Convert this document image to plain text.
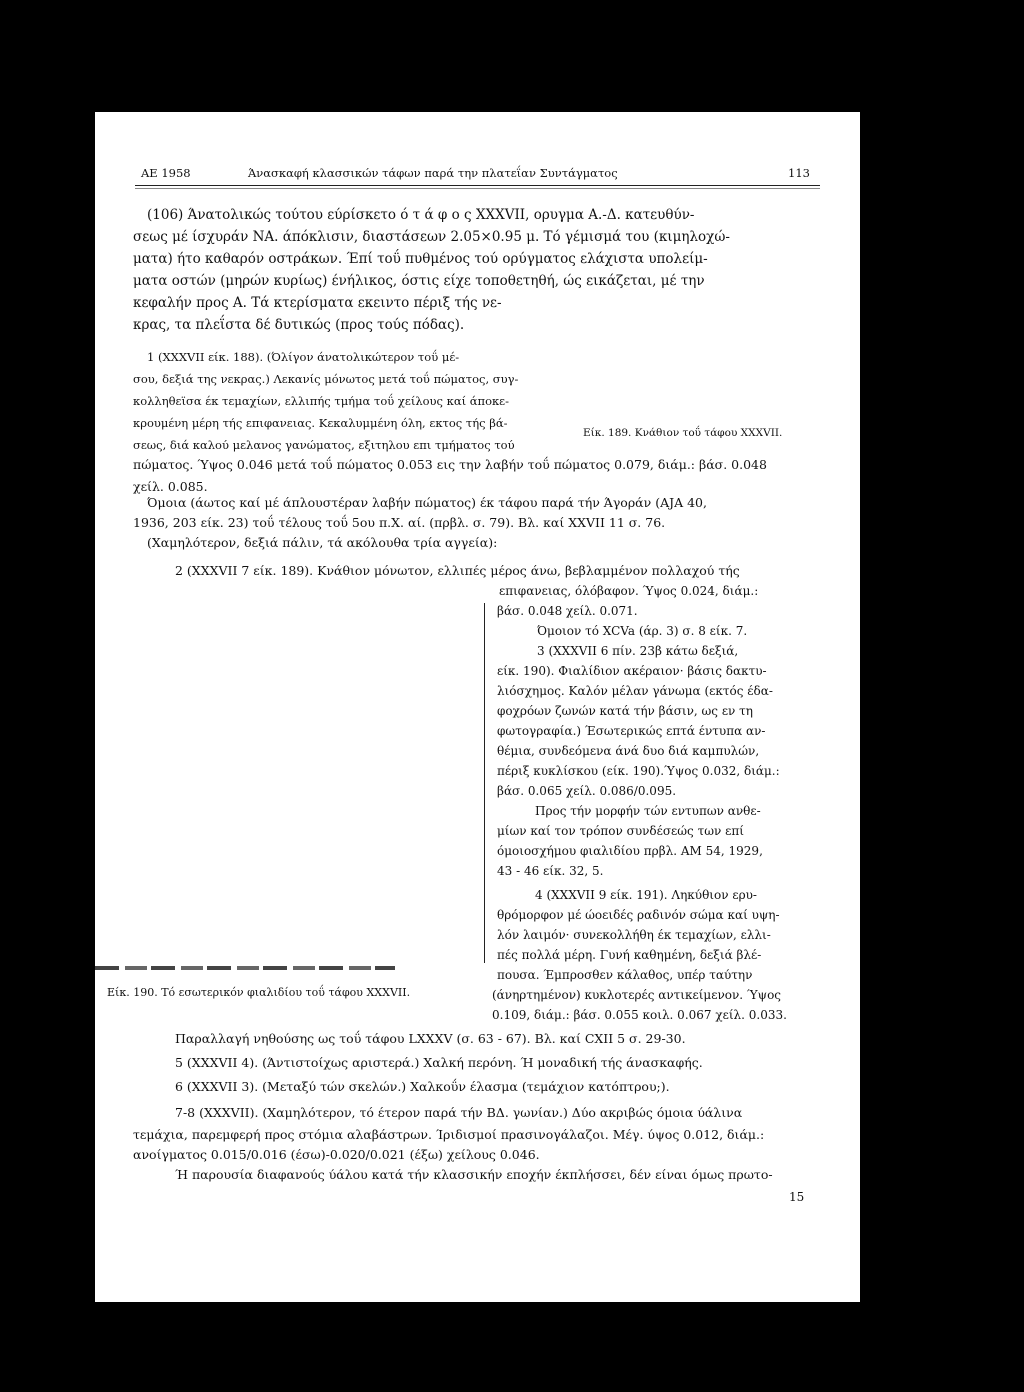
ΑΕ 1958	Άνασκαφή κλασσικών τάφων παρά την πλατεΐαν Συντάγματος	113
(106) Άνατολικώς τούτου εύρίσκετο ό τ ά φ ο ς XXXVII, ορυγμα Α.-Δ. κατευθύν-
σεως μέ ίσχυράν ΝΑ. άπόκλισιν, διαστάσεων 2.05×0.95 μ. Τό γέμισμά του (κιμηλοχώ-
ματα) ήτο καθαρόν οστράκων. Έπί τοΰ πυθμένος τού ορύγματος ελάχιστα υπολείμ-
ματα οστών (μηρών κυρίως) ένήλικος, όστις είχε τοποθετηθή, ώς εικάζεται, μέ την
κεφαλήν προς Α. Τά κτερίσματα εκειντο πέριξ τής νε-
κρας, τα πλεΐστα δέ δυτικώς (προς τούς πόδας).
1 (XXXVII είκ. 188). (Όλίγον άνατολικώτερον τοΰ μέ-
σου, δεξιά της νεκρας.) Λεκανίς μόνωτος μετά τοΰ πώματος, συγ-
κολληθεϊσα έκ τεμαχίων, ελλιπής τμήμα τοΰ χείλους καί άποκε-
κρουμένη μέρη τής επιφανειας. Κεκαλυμμένη όλη, εκτος τής βά-
σεως, διά καλού μελανος γανώματος, εξιτηλου επι τμήματος τού
Είκ. 189. Κνάθιον τοΰ τάφου XXXVII.
πώματος. Ύψος 0.046 μετά τοΰ πώματος 0.053 εις την λαβήν τοΰ πώματος 0.079, διάμ.: βάσ. 0.048
χείλ. 0.085.
Όμοια (άωτος καί μέ άπλουστέραν λαβήν πώματος) έκ τάφου παρά τήν Άγοράν (AJA 40,
1936, 203 είκ. 23) τοΰ τέλους τοΰ 5ου π.Χ. αί. (πρβλ. σ. 79). Βλ. καί XXVII 11 σ. 76.
(Χαμηλότερον, δεξιά πάλιν, τά ακόλουθα τρία αγγεία):
2 (XXXVII 7 είκ. 189). Κνάθιον μόνωτον, ελλιπές μέρος άνω, βεβλαμμένον πολλαχού τής
επιφανειας, όλόβαφον. Ύψος 0.024, διάμ.:
βάσ. 0.048 χείλ. 0.071.
Όμοιον τό XCVa (άρ. 3) σ. 8 είκ. 7.
3 (XXXVII 6 πίν. 23β κάτω δεξιά,
είκ. 190). Φιαλίδιον ακέραιον· βάσις δακτυ-
λιόσχημος. Καλόν μέλαν γάνωμα (εκτός έδα-
φοχρόων ζωνών κατά τήν βάσιν, ως εν τη
φωτογραφία.) Έσωτερικώς επτά έντυπα αν-
θέμια, συνδεόμενα άνά δυο διά καμπυλών,
πέριξ κυκλίσκου (είκ. 190).Ύψος 0.032, διάμ.:
βάσ. 0.065 χείλ. 0.086/0.095.
Προς τήν μορφήν τών εντυπων ανθε-
μίων καί τον τρόπον συνδέσεώς των επί
όμοιοσχήμου φιαλιδίου πρβλ. ΑΜ 54, 1929,
43 - 46 είκ. 32, 5.
4 (XXXVII 9 είκ. 191). Ληκύθιον ερυ-
θρόμορφον μέ ώοειδές ραδινόν σώμα καί υψη-
λόν λαιμόν· συνεκολλήθη έκ τεμαχίων, ελλι-
πές πολλά μέρη. Γυνή καθημένη, δεξιά βλέ-
πουσα. Έμπροσθεν κάλαθος, υπέρ ταύτην
(άνηρτημένον) κυκλοτερές αντικείμενον. Ύψος
0.109, διάμ.: βάσ. 0.055 κοιλ. 0.067 χείλ. 0.033.
Είκ. 190. Τό εσωτερικόν φιαλιδίου τοΰ τάφου XXXVII.
Παραλλαγή νηθούσης ως τοΰ τάφου LXXXV (σ. 63 - 67). Βλ. καί CXII 5 σ. 29-30.
5 (XXXVII 4). (Άντιστοίχως αριστερά.) Χαλκή περόνη. Ή μοναδική τής άνασκαφής.
6 (XXXVII 3). (Μεταξύ τών σκελών.) Χαλκοΰν έλασμα (τεμάχιον κατόπτρου;).
7-8 (XXXVII). (Χαμηλότερον, τό έτερον παρά τήν ΒΔ. γωνίαν.) Δύο ακριβώς όμοια ύάλινα
τεμάχια, παρεμφερή προς στόμια αλαβάστρων. Ίριδισμοί πρασινογάλαζοι. Μέγ. ύψος 0.012, διάμ.:
ανοίγματος 0.015/0.016 (έσω)-0.020/0.021 (έξω) χείλους 0.046.
Ή παρουσία διαφανούς ύάλου κατά τήν κλασσικήν εποχήν έκπλήσσει, δέν είναι όμως πρωτο-
15
